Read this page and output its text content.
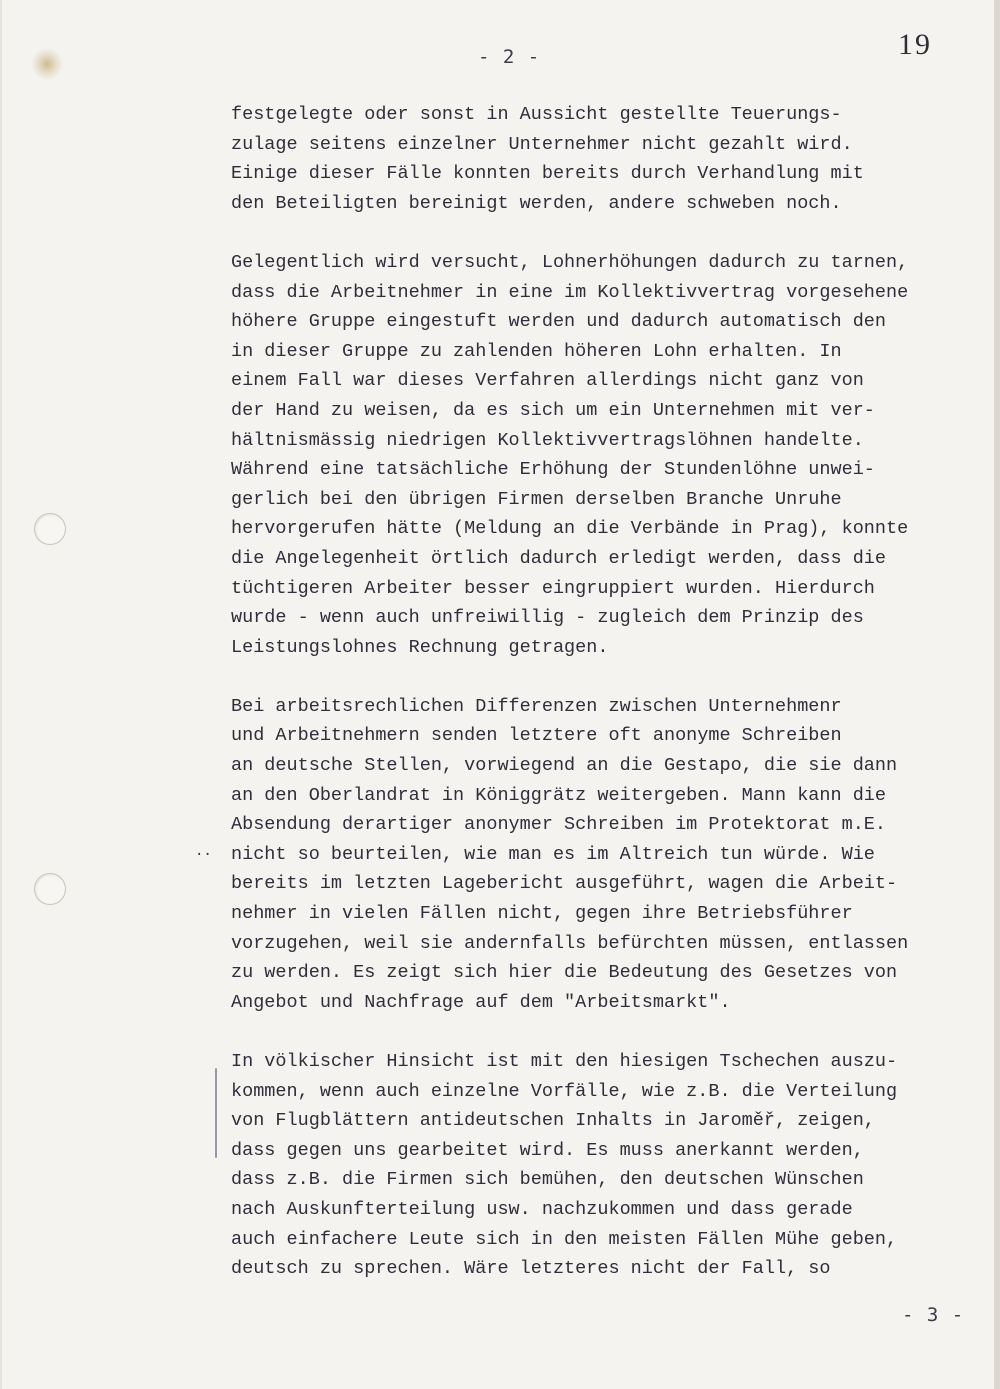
..
- 2 -	19
festgelegte oder sonst in Aussicht gestellte Teuerungs-
zulage seitens einzelner Unternehmer nicht gezahlt wird.
Einige dieser Fälle konnten bereits durch Verhandlung mit
den Beteiligten bereinigt werden, andere schweben noch.
Gelegentlich wird versucht, Lohnerhöhungen dadurch zu tarnen,
dass die Arbeitnehmer in eine im Kollektivvertrag vorgesehene
höhere Gruppe eingestuft werden und dadurch automatisch den
in dieser Gruppe zu zahlenden höheren Lohn erhalten. In
einem Fall war dieses Verfahren allerdings nicht ganz von
der Hand zu weisen, da es sich um ein Unternehmen mit ver-
hältnismässig niedrigen Kollektivvertragslöhnen handelte.
Während eine tatsächliche Erhöhung der Stundenlöhne unwei-
gerlich bei den übrigen Firmen derselben Branche Unruhe
hervorgerufen hätte (Meldung an die Verbände in Prag), konnte
die Angelegenheit örtlich dadurch erledigt werden, dass die
tüchtigeren Arbeiter besser eingruppiert wurden. Hierdurch
wurde - wenn auch unfreiwillig - zugleich dem Prinzip des
Leistungslohnes Rechnung getragen.
Bei arbeitsrechlichen Differenzen zwischen Unternehmenr
und Arbeitnehmern senden letztere oft anonyme Schreiben
an deutsche Stellen, vorwiegend an die Gestapo, die sie dann
an den Oberlandrat in Königgrätz weitergeben. Mann kann die
Absendung derartiger anonymer Schreiben im Protektorat m.E.
nicht so beurteilen, wie man es im Altreich tun würde. Wie
bereits im letzten Lagebericht ausgeführt, wagen die Arbeit-
nehmer in vielen Fällen nicht, gegen ihre Betriebsführer
vorzugehen, weil sie andernfalls befürchten müssen, entlassen
zu werden. Es zeigt sich hier die Bedeutung des Gesetzes von
Angebot und Nachfrage auf dem "Arbeitsmarkt".
In völkischer Hinsicht ist mit den hiesigen Tschechen auszu-
kommen, wenn auch einzelne Vorfälle, wie z.B. die Verteilung
von Flugblättern antideutschen Inhalts in Jaroměř, zeigen,
dass gegen uns gearbeitet wird. Es muss anerkannt werden,
dass z.B. die Firmen sich bemühen, den deutschen Wünschen
nach Auskunfterteilung usw. nachzukommen und dass gerade
auch einfachere Leute sich in den meisten Fällen Mühe geben,
deutsch zu sprechen. Wäre letzteres nicht der Fall, so
- 3 -
